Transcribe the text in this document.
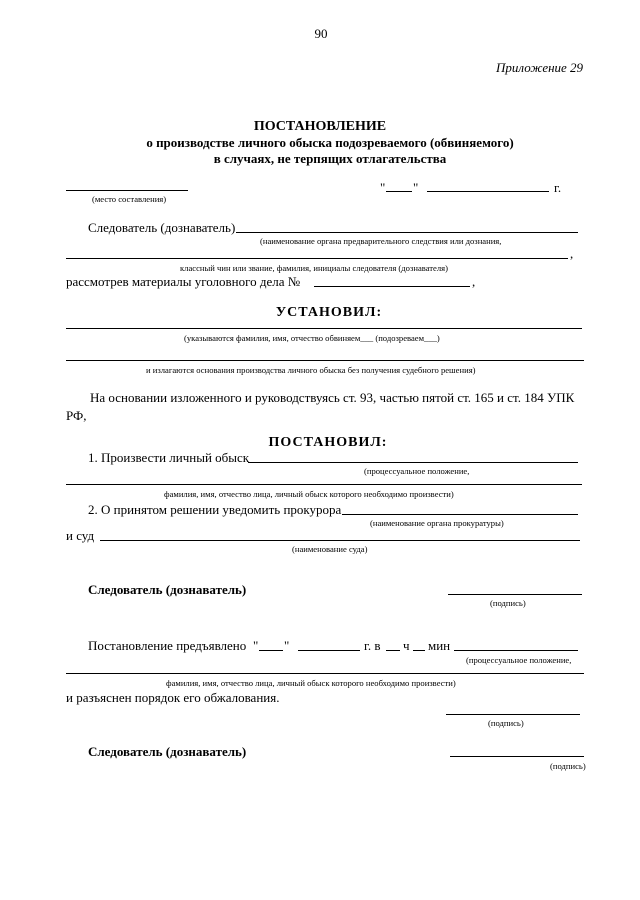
90
Приложение 29
ПОСТАНОВЛЕНИЕ
о производстве личного обыска подозреваемого (обвиняемого)
в случаях, не терпящих отлагательства
(место составления)
" "	г.
Следователь (дознаватель)
(наименование органа предварительного следствия или дознания,
,
классный чин или звание, фамилия, инициалы следователя (дознавателя)
рассмотрев материалы уголовного дела №	,
УСТАНОВИЛ:
(указываются фамилия, имя, отчество обвиняем___ (подозреваем___)
и излагаются основания производства личного обыска без получения судебного решения)
На основании изложенного и руководствуясь ст. 93, частью пятой ст. 165 и ст. 184 УПК
РФ,
ПОСТАНОВИЛ:
1. Произвести личный обыск
(процессуальное положение,
фамилия, имя, отчество лица, личный обыск которого необходимо произвести)
2. О принятом решении уведомить прокурора
(наименование органа прокуратуры)
и суд
(наименование суда)
Следователь (дознаватель)
(подпись)
Постановление предъявлено " "	г. в ч мин
(процессуальное положение,
фамилия, имя, отчество лица, личный обыск которого необходимо произвести)
и разъяснен порядок его обжалования.
(подпись)
Следователь (дознаватель)
(подпись)
